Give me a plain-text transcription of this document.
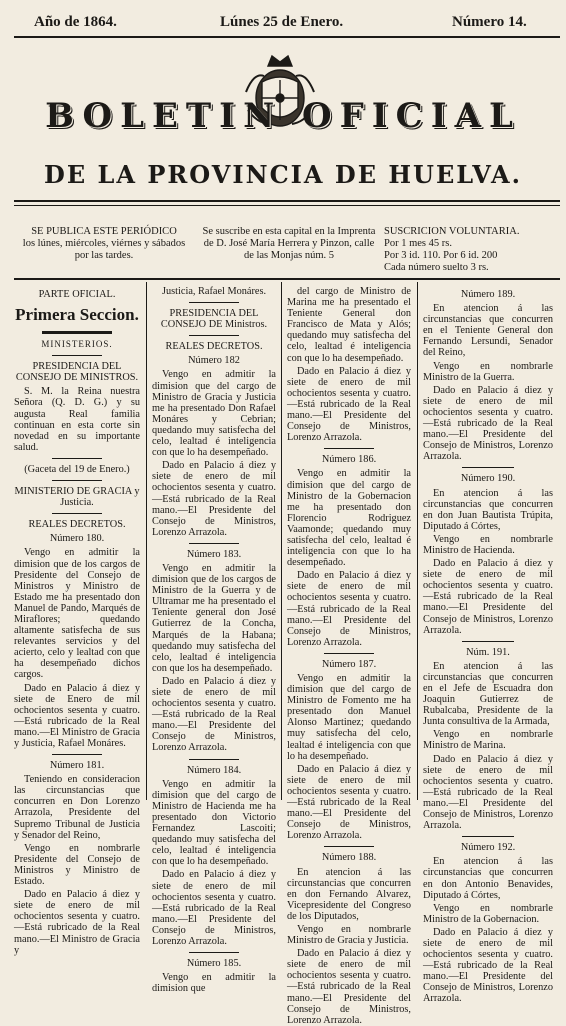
Año de 1864.	Lúnes 25 de Enero.	Número 14.
BOLETIN OFICIAL
DE LA PROVINCIA DE HUELVA.
SE PUBLICA ESTE PERIÓDICO
los lúnes, miércoles, viérnes y sábados
por las tardes.
Se suscribe en esta capital en la Imprenta
de D. José María Herrera y Pinzon, calle
de las Monjas núm. 5
SUSCRICION VOLUNTARIA.
Por 1 mes 45 rs.
Por 3 id. 110. Por 6 id. 200
Cada número suelto 3 rs.

PARTE OFICIAL.

Primera Seccion.

MINISTERIOS.

PRESIDENCIA DEL CONSEJO DE MINISTROS.

S. M. la Reina nuestra Señora (Q. D. G.) y su augusta Real familia continuan en esta corte sin novedad en su importante salud.

(Gaceta del 19 de Enero.)

MINISTERIO DE GRACIA y Justicia.

REALES DECRETOS.

Número 180.

Vengo en admitir la dimision que de los cargos de Presidente del Consejo de Ministros y Ministro de Estado me ha presentado don Manuel de Pando, Marqués de Miraflores; quedando altamente satisfecha de sus relevantes servicios y del acierto, celo y lealtad con que ha desempeñado dichos cargos.

Dado en Palacio á diez y siete de Enero de mil ochocientos sesenta y cuatro.—Está rubricado de la Real mano.—El Ministro de Gracia y Justicia, Rafael Monáres.

Número 181.

Teniendo en consideracion las circunstancias que concurren en Don Lorenzo Arrazola, Presidente del Supremo Tribunal de Justicia y Senador del Reino,

Vengo en nombrarle Presidente del Consejo de Ministros y Ministro de Estado.

Dado en Palacio á diez y siete de enero de mil ochocientos sesenta y cuatro.—Está rubricado de la Real mano.—El Ministro de Gracia y

Justicia, Rafael Monáres.

PRESIDENCIA DEL CONSEJO DE Ministros.

REALES DECRETOS.

Número 182

Vengo en admitir la dimision que del cargo de Ministro de Gracia y Justicia me ha presentado Don Rafael Monáres y Cebrian; quedando muy satisfecha del celo, lealtad é inteligencia con que lo ha desempeñado.

Dado en Palacio á diez y siete de enero de mil ochocientos sesenta y cuatro.—Está rubricado de la Real mano.—El Presidente del Consejo de Ministros, Lorenzo Arrazola.

Número 183.

Vengo en admitir la dimision que de los cargos de Ministro de la Guerra y de Ultramar me ha presentado el Teniente general don José Gutierrez de la Concha, Marqués de la Habana; quedando muy satisfecha del celo, lealtad é inteligencia con que los ha desempeñado.

Dado en Palacio á diez y siete de enero de mil ochocientos sesenta y cuatro.—Está rubricado de la Real mano.—El Presidente del Consejo de Ministros, Lorenzo Arrazola.

Número 184.

Vengo en admitir la dimision que del cargo de Ministro de Hacienda me ha presentado don Victorio Fernandez Lascoiti; quedando muy satisfecha del celo, lealtad é inteligencia con que lo ha desempeñado.

Dado en Palacio á diez y siete de enero de mil ochocientos sesenta y cuatro.—Está rubricado de la Real mano.—El Presidente del Consejo de Ministros, Lorenzo Arrazola.

Número 185.

Vengo en admitir la dimision que

del cargo de Ministro de Marina me ha presentado el Teniente General don Francisco de Mata y Alós; quedando muy satisfecha del celo, lealtad é inteligencia con que lo ha desempeñado.

Dado en Palacio á diez y siete de enero de mil ochocientos sesenta y cuatro.—Está rubricado de la Real mano.—El Presidente del Consejo de Ministros, Lorenzo Arrazola.

Número 186.

Vengo en admitir la dimision que del cargo de Ministro de la Gobernacion me ha presentado don Florencio Rodriguez Vaamonde; quedando muy satisfecha del celo, lealtad é inteligencia con que lo ha desempeñado.

Dado en Palacio á diez y siete de enero de mil ochocientos sesenta y cuatro.—Está rubricado de la Real mano.—El Presidente del Consejo de Ministros, Lorenzo Arrazola.

Número 187.

Vengo en admitir la dimision que del cargo de Ministro de Fomento me ha presentado don Manuel Alonso Martinez; quedando muy satisfecha del celo, lealtad é inteligencia con que lo ha desempeñado.

Dado en Palacio á diez y siete de enero de mil ochocientos sesenta y cuatro.—Está rubricado de la Real mano.—El Presidente del Consejo de Ministros, Lorenzo Arrazola.

Número 188.

En atencion á las circunstancias que concurren en don Fernando Alvarez, Vicepresidente del Congreso de los Diputados,

Vengo en nombrarle Ministro de Gracia y Justicia.

Dado en Palacio á diez y siete de enero de mil ochocientos sesenta y cuatro.—Está rubricado de la Real mano.—El Presidente del Consejo de Ministros, Lorenzo Arrazola.

Número 189.

En atencion á las circunstancias que concurren en el Teniente General don Fernando Lersundi, Senador del Reino,

Vengo en nombrarle Ministro de la Guerra.

Dado en Palacio á diez y siete de enero de mil ochocientos sesenta y cuatro.—Está rubricado de la Real mano.—El Presidente del Consejo de Ministros, Lorenzo Arrazola.

Número 190.

En atencion á las circunstancias que concurren en don Juan Bautista Trúpita, Diputado á Córtes,

Vengo en nombrarle Ministro de Hacienda.

Dado en Palacio á diez y siete de enero de mil ochocientos sesenta y cuatro.—Está rubricado de la Real mano.—El Presidente del Consejo de Ministros, Lorenzo Arrazola.

Núm. 191.

En atencion á las circunstancias que concurren en el Jefe de Escuadra don Joaquin Gutierrez de Rubalcaba, Presidente de la Junta consultiva de la Armada,

Vengo en nombrarle Ministro de Marina.

Dado en Palacio á diez y siete de enero de mil ochocientos sesenta y cuatro.—Está rubricado de la Real mano.—El Presidente del Consejo de Ministros, Lorenzo Arrazola.

Número 192.

En atencion á las circunstancias que concurren en don Antonio Benavides, Diputado á Córtes,

Vengo en nombrarle Ministro de la Gobernacion.

Dado en Palacio á diez y siete de enero de mil ochocientos sesenta y cuatro.—Está rubricado de la Real mano.—El Presidente del Consejo de Ministros, Lorenzo Arrazola.
